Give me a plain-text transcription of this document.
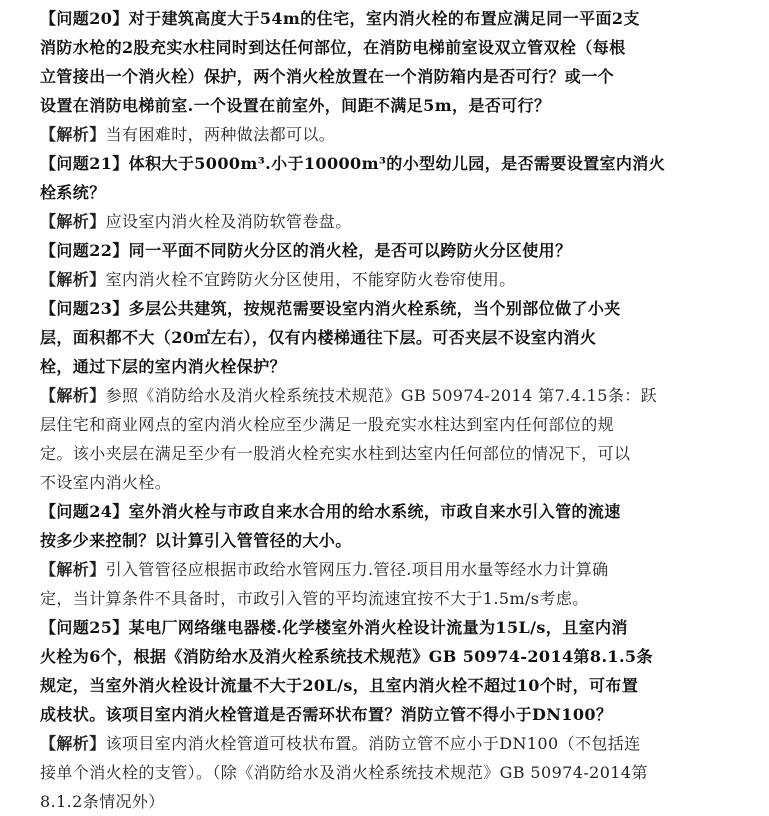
【问题20】对于建筑高度大于54m的住宅，室内消火栓的布置应满足同一平面2支
消防水枪的2股充实水柱同时到达任何部位，在消防电梯前室设双立管双栓（每根
立管接出一个消火栓）保护，两个消火栓放置在一个消防箱内是否可行？或一个
设置在消防电梯前室.一个设置在前室外，间距不满足5m，是否可行？
【解析】当有困难时，两种做法都可以。
【问题21】体积大于5000m³.小于10000m³的小型幼儿园，是否需要设置室内消火
栓系统？
【解析】应设室内消火栓及消防软管卷盘。
【问题22】同一平面不同防火分区的消火栓，是否可以跨防火分区使用？
【解析】室内消火栓不宜跨防火分区使用，不能穿防火卷帘使用。
【问题23】多层公共建筑，按规范需要设室内消火栓系统，当个别部位做了小夹
层，面积都不大（20㎡左右），仅有内楼梯通往下层。可否夹层不设室内消火
栓，通过下层的室内消火栓保护？
【解析】参照《消防给水及消火栓系统技术规范》GB 50974-2014 第7.4.15条：跃
层住宅和商业网点的室内消火栓应至少满足一股充实水柱达到室内任何部位的规
定。该小夹层在满足至少有一股消火栓充实水柱到达室内任何部位的情况下，可以
不设室内消火栓。
【问题24】室外消火栓与市政自来水合用的给水系统，市政自来水引入管的流速
按多少来控制？以计算引入管管径的大小。
【解析】引入管管径应根据市政给水管网压力.管径.项目用水量等经水力计算确
定，当计算条件不具备时，市政引入管的平均流速宜按不大于1.5m/s考虑。
【问题25】某电厂网络继电器楼.化学楼室外消火栓设计流量为15L/s，且室内消
火栓为6个，根据《消防给水及消火栓系统技术规范》GB 50974-2014第8.1.5条
规定，当室外消火栓设计流量不大于20L/s，且室内消火栓不超过10个时，可布置
成枝状。该项目室内消火栓管道是否需环状布置？消防立管不得小于DN100？
【解析】该项目室内消火栓管道可枝状布置。消防立管不应小于DN100（不包括连
接单个消火栓的支管）。（除《消防给水及消火栓系统技术规范》GB 50974-2014第
8.1.2条情况外）
